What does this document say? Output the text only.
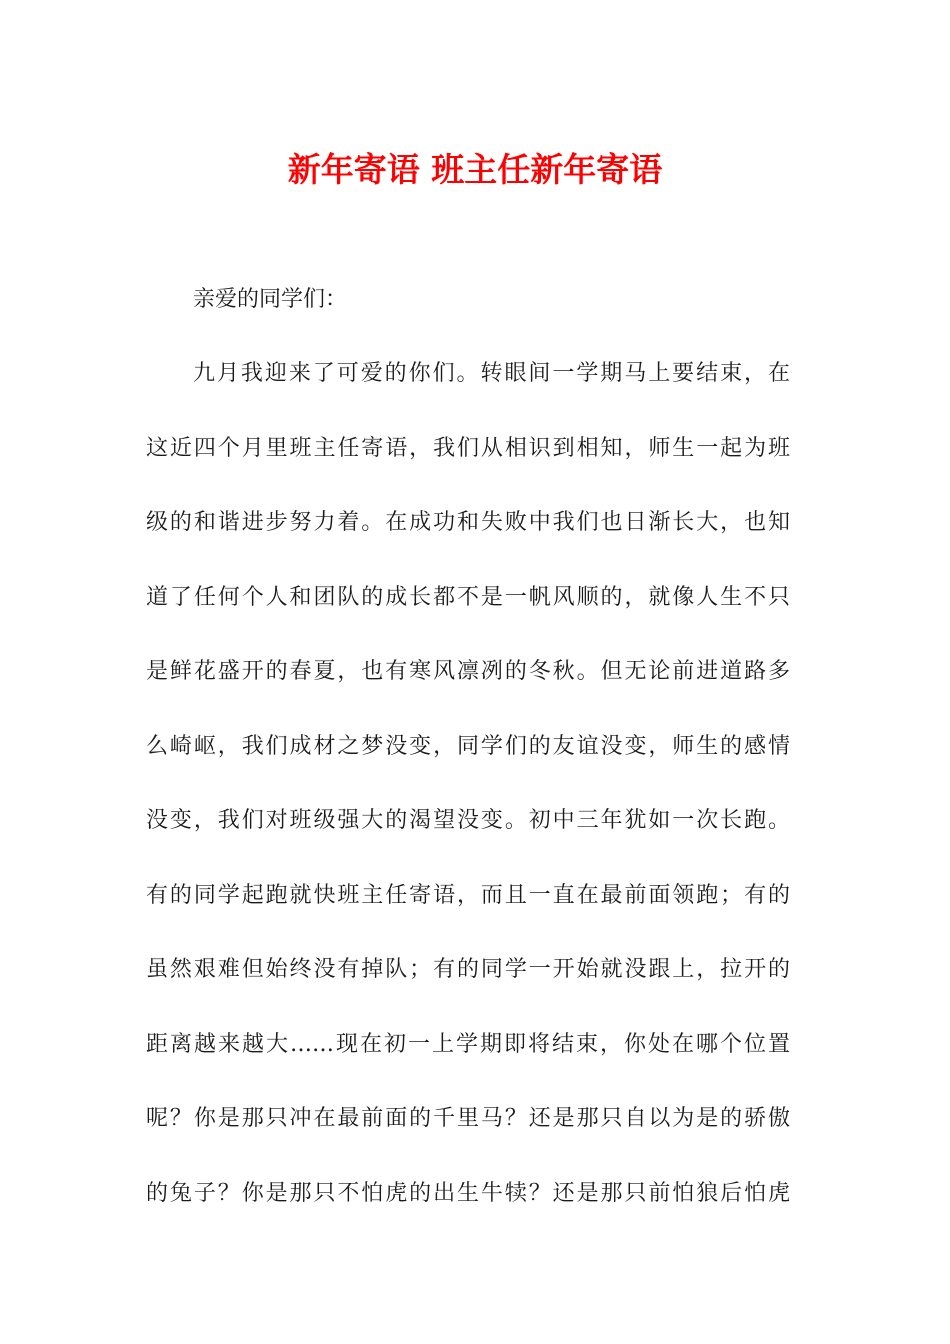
新年寄语 班主任新年寄语

亲爱的同学们：

九月我迎来了可爱的你们。转眼间一学期马上要结束，在

这近四个月里班主任寄语，我们从相识到相知，师生一起为班

级的和谐进步努力着。在成功和失败中我们也日渐长大，也知

道了任何个人和团队的成长都不是一帆风顺的，就像人生不只

是鲜花盛开的春夏，也有寒风凛冽的冬秋。但无论前进道路多

么崎岖，我们成材之梦没变，同学们的友谊没变，师生的感情

没变，我们对班级强大的渴望没变。初中三年犹如一次长跑。

有的同学起跑就快班主任寄语，而且一直在最前面领跑；有的

虽然艰难但始终没有掉队；有的同学一开始就没跟上，拉开的

距离越来越大……现在初一上学期即将结束，你处在哪个位置

呢？你是那只冲在最前面的千里马？还是那只自以为是的骄傲

的兔子？你是那只不怕虎的出生牛犊？还是那只前怕狼后怕虎
